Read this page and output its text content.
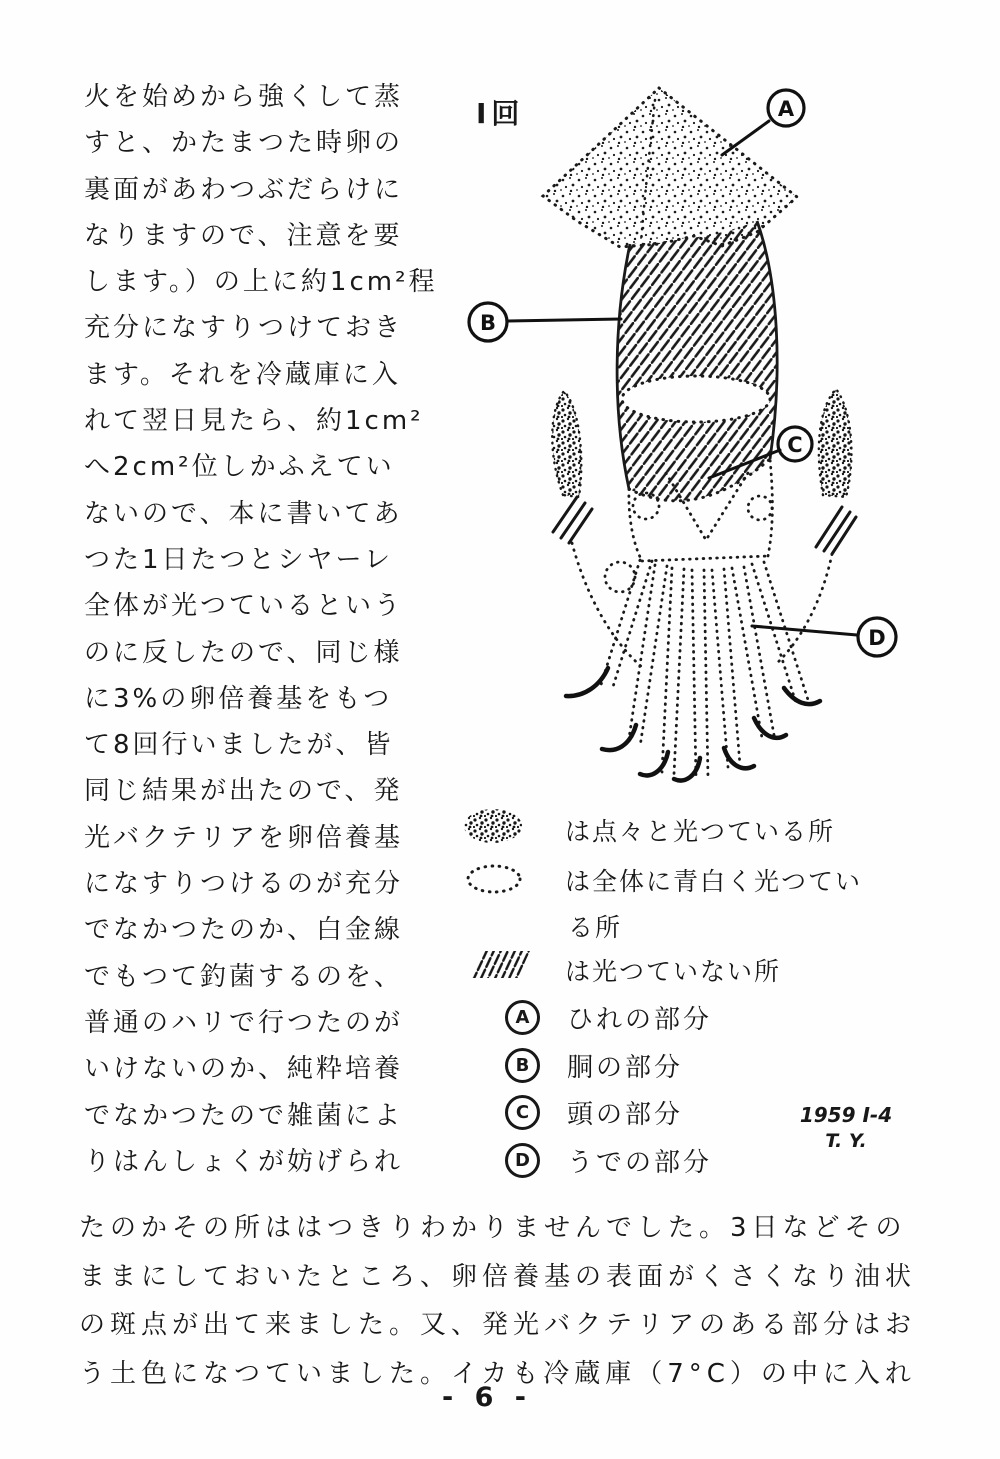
火を始めから強くして蒸
すと、かたまつた時卵の
裏面があわつぶだらけに
なりますので、注意を要
します。）の上に約1cm²程
充分になすりつけておき
ます。それを冷蔵庫に入
れて翌日見たら、約1cm²
へ2cm²位しかふえてい
ないので、本に書いてあ
つた1日たつとシヤーレ
全体が光つているという
のに反したので、同じ様
に3%の卵倍養基をもつ
て8回行いましたが、皆
同じ結果が出たので、発
光バクテリアを卵倍養基
になすりつけるのが充分
でなかつたのか、白金線
でもつて釣菌するのを、
普通のハリで行つたのが
いけないのか、純粋培養
でなかつたので雑菌によ
りはんしょくが妨げられ
Ⅰ回	A
B
C
D
は点々と光つている所
は全体に青白く光つてい
る所
は光つていない所
A	ひれの部分
B	胴の部分
C	頭の部分
D	うでの部分
1959 Ⅰ-4
T. Y.
たのかその所ははつきりわかりませんでした。3日などその
ままにしておいたところ、卵倍養基の表面がくさくなり油状
の斑点が出て来ました。又、発光バクテリアのある部分はお
う土色になつていました。イカも冷蔵庫（7°C）の中に入れ
- 6 -
